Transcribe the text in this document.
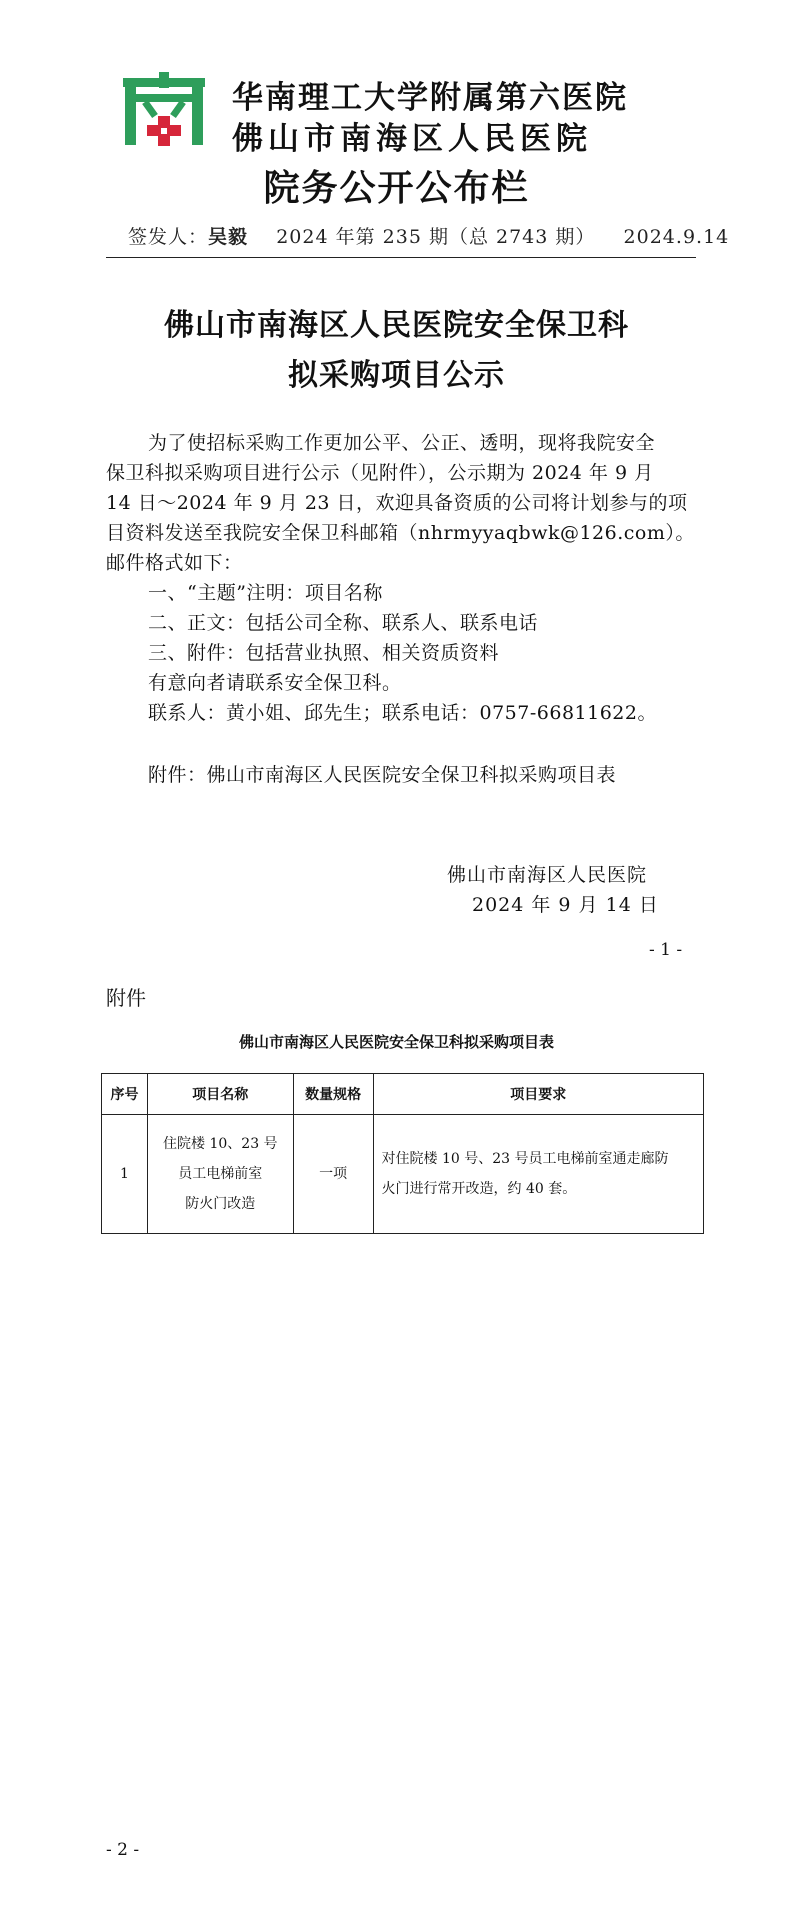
华南理工大学附属第六医院
佛山市南海区人民医院
院务公开公布栏
签发人：吴毅 2024 年第 235 期（总 2743 期） 2024.9.14
佛山市南海区人民医院安全保卫科
拟采购项目公示
为了使招标采购工作更加公平、公正、透明，现将我院安全
保卫科拟采购项目进行公示（见附件），公示期为 2024 年 9 月
14 日～2024 年 9 月 23 日，欢迎具备资质的公司将计划参与的项
目资料发送至我院安全保卫科邮箱（nhrmyyaqbwk@126.com）。
邮件格式如下：
一、“主题”注明：项目名称
二、正文：包括公司全称、联系人、联系电话
三、附件：包括营业执照、相关资质资料
有意向者请联系安全保卫科。
联系人：黄小姐、邱先生；联系电话：0757-66811622。
附件：佛山市南海区人民医院安全保卫科拟采购项目表
佛山市南海区人民医院
2024 年 9 月 14 日
- 1 -
附件
佛山市南海区人民医院安全保卫科拟采购项目表
序号	项目名称	数量规格	项目要求
1	住院楼 10、23 号
员工电梯前室
防火门改造	一项	对住院楼 10 号、23 号员工电梯前室通走廊防
火门进行常开改造，约 40 套。
- 2 -
